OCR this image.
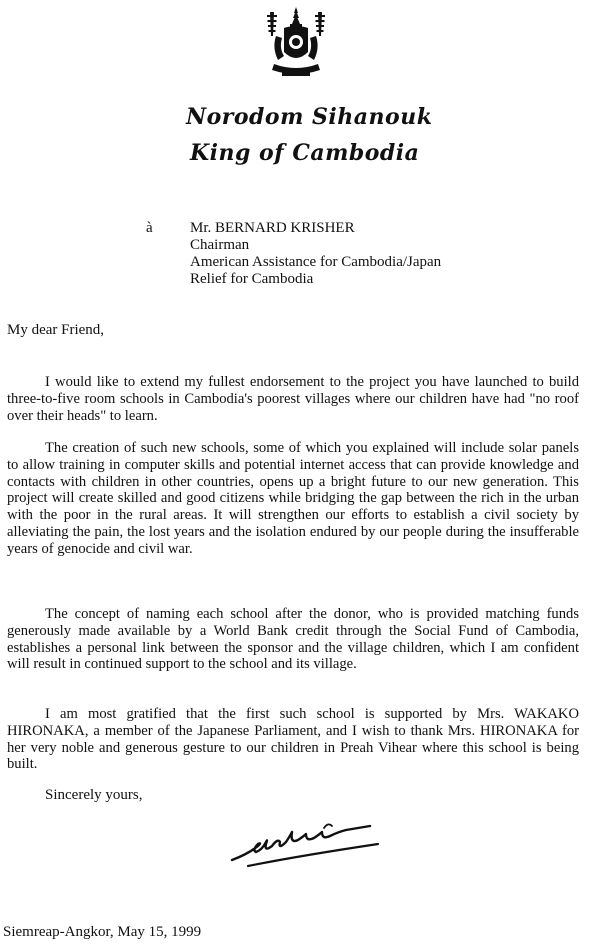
Norodom Sihanouk
King of Cambodia
à Mr. BERNARD KRISHER
Chairman
American Assistance for Cambodia/Japan
Relief for Cambodia
My dear Friend,

I would like to extend my fullest endorsement to the project you have launched to build three-to-five room schools in Cambodia's poorest villages where our children have had "no roof over their heads" to learn.

The creation of such new schools, some of which you explained will include solar panels to allow training in computer skills and potential internet access that can provide knowledge and contacts with children in other countries, opens up a bright future to our new generation. This project will create skilled and good citizens while bridging the gap between the rich in the urban with the poor in the rural areas. It will strengthen our efforts to establish a civil society by alleviating the pain, the lost years and the isolation endured by our people during the insufferable years of genocide and civil war.

The concept of naming each school after the donor, who is provided matching funds generously made available by a World Bank credit through the Social Fund of Cambodia, establishes a personal link between the sponsor and the village children, which I am confident will result in continued support to the school and its village.

I am most gratified that the first such school is supported by Mrs. WAKAKO HIRONAKA, a member of the Japanese Parliament, and I wish to thank Mrs. HIRONAKA for her very noble and generous gesture to our children in Preah Vihear where this school is being built.

Sincerely yours,
Siemreap-Angkor, May 15, 1999
